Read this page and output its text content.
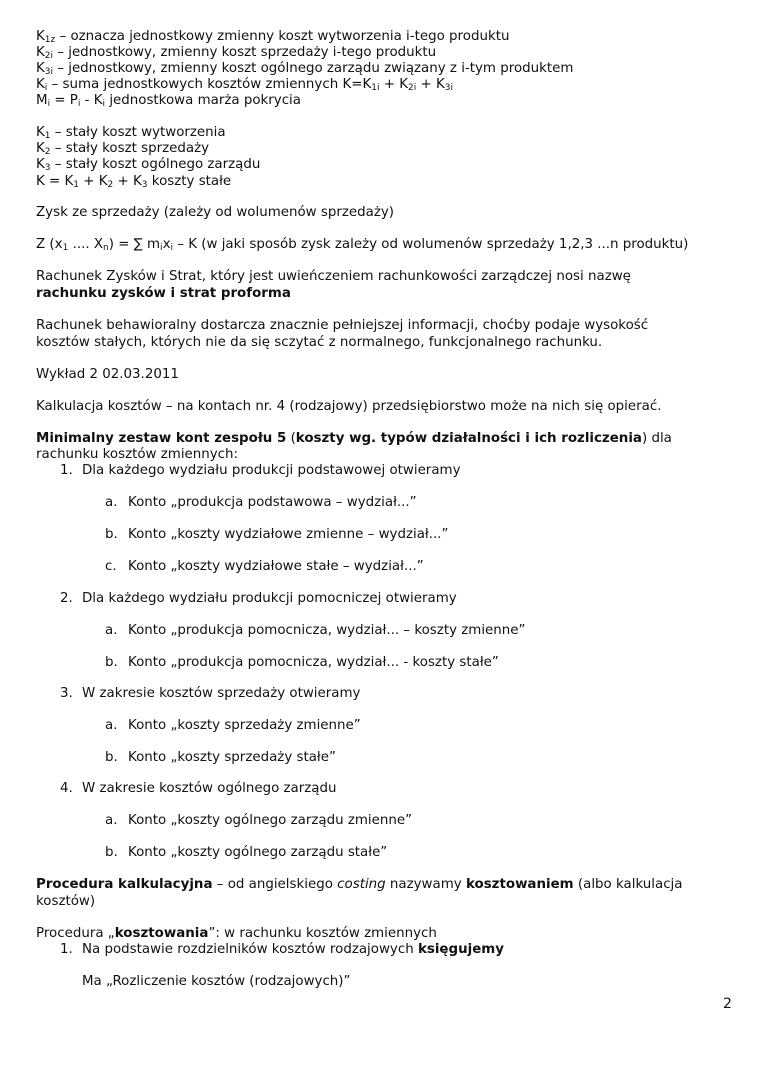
$K_{1z}$ – oznacza jednostkowy zmienny koszt wytworzenia i-tego produktu
$K_{2i}$ – jednostkowy, zmienny koszt sprzedaży i-tego produktu
$K_{3i}$ – jednostkowy, zmienny koszt ogólnego zarządu związany z i-tym produktem
$K_i$ – suma jednostkowych kosztów zmiennych $K=K_{1i} + K_{2i} + K_{3i}$
$M_i = P_i - K_i$ jednostkowa marża pokrycia
$K_1$ – stały koszt wytworzenia
$K_2$ – stały koszt sprzedaży
$K_3$ – stały koszt ogólnego zarządu
$K = K_1 + K_2 + K_3$ koszty stałe
Zysk ze sprzedaży (zależy od wolumenów sprzedaży)
Z ($x_1$ .... $X_n$) = ∑ $m_ix_i$ – K (w jaki sposób zysk zależy od wolumenów sprzedaży 1,2,3 ...n produktu)
Rachunek Zysków i Strat, który jest uwieńczeniem rachunkowości zarządczej nosi nazwę
rachunku zysków i strat proforma
Rachunek behawioralny dostarcza znacznie pełniejszej informacji, choćby podaje wysokość
kosztów stałych, których nie da się sczytać z normalnego, funkcjonalnego rachunku.
Wykład 2 02.03.2011
Kalkulacja kosztów – na kontach nr. 4 (rodzajowy) przedsiębiorstwo może na nich się opierać.
Minimalny zestaw kont zespołu 5 (koszty wg. typów działalności i ich rozliczenia) dla
rachunku kosztów zmiennych:
1. Dla każdego wydziału produkcji podstawowej otwieramy
a. Konto „produkcja podstawowa – wydział...”
b. Konto „koszty wydziałowe zmienne – wydział...”
c. Konto „koszty wydziałowe stałe – wydział...”
2. Dla każdego wydziału produkcji pomocniczej otwieramy
a. Konto „produkcja pomocnicza, wydział... – koszty zmienne”
b. Konto „produkcja pomocnicza, wydział... - koszty stałe”
3. W zakresie kosztów sprzedaży otwieramy
a. Konto „koszty sprzedaży zmienne”
b. Konto „koszty sprzedaży stałe”
4. W zakresie kosztów ogólnego zarządu
a. Konto „koszty ogólnego zarządu zmienne”
b. Konto „koszty ogólnego zarządu stałe”
Procedura kalkulacyjna – od angielskiego costing nazywamy kosztowaniem (albo kalkulacja
kosztów)
Procedura „kosztowania”: w rachunku kosztów zmiennych
1. Na podstawie rozdzielników kosztów rodzajowych księgujemy
Ma „Rozliczenie kosztów (rodzajowych)”
2
